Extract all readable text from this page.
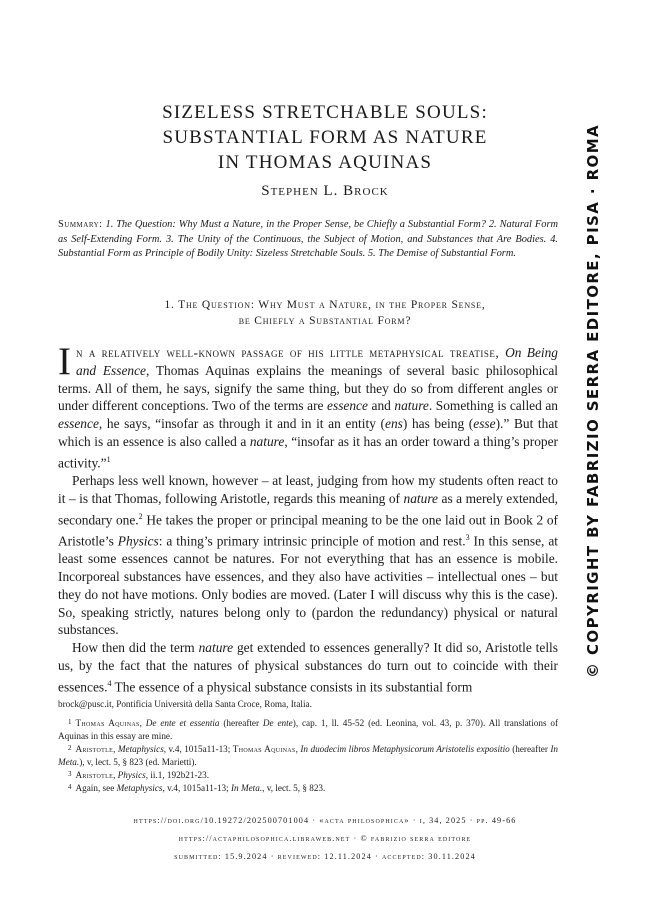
SIZELESS STRETCHABLE SOULS:
SUBSTANTIAL FORM AS NATURE
IN THOMAS AQUINAS
Stephen L. Brock
Summary: 1. The Question: Why Must a Nature, in the Proper Sense, be Chiefly a Substantial Form? 2. Natural Form as Self-Extending Form. 3. The Unity of the Continuous, the Subject of Motion, and Substances that Are Bodies. 4. Substantial Form as Principle of Bodily Unity: Sizeless Stretchable Souls. 5. The Demise of Substantial Form.
1. The Question: Why Must a Nature, in the Proper Sense,
be Chiefly a Substantial Form?

In a relatively well-known passage of his little metaphysical treatise, On Being and Essence, Thomas Aquinas explains the meanings of several basic philosophical terms. All of them, he says, signify the same thing, but they do so from different angles or under different conceptions. Two of the terms are essence and nature. Something is called an essence, he says, “insofar as through it and in it an entity (ens) has being (esse).” But that which is an essence is also called a nature, “insofar as it has an order toward a thing’s proper activity.”$^1$

Perhaps less well known, however – at least, judging from how my students often react to it – is that Thomas, following Aristotle, regards this meaning of nature as a merely extended, secondary one.$^2$ He takes the proper or principal meaning to be the one laid out in Book 2 of Aristotle’s Physics: a thing’s primary intrinsic principle of motion and rest.$^3$ In this sense, at least some essences cannot be natures. For not everything that has an essence is mobile. Incorporeal substances have essences, and they also have activities – intellectual ones – but they do not have motions. Only bodies are moved. (Later I will discuss why this is the case). So, speaking strictly, natures belong only to (pardon the redundancy) physical or natural substances.

How then did the term nature get extended to essences generally? It did so, Aristotle tells us, by the fact that the natures of physical substances do turn out to coincide with their essences.$^4$ The essence of a physical substance consists in its substantial form

brock@pusc.it, Pontificia Università della Santa Croce, Roma, Italia.
$^1$ Thomas Aquinas, De ente et essentia (hereafter De ente), cap. 1, ll. 45-52 (ed. Leonina, vol. 43, p. 370). All translations of Aquinas in this essay are mine.
$^2$ Aristotle, Metaphysics, v.4, 1015a11-13; Thomas Aquinas, In duodecim libros Metaphysicorum Aristotelis expositio (hereafter In Meta.), v, lect. 5, § 823 (ed. Marietti).
$^3$ Aristotle, Physics, ii.1, 192b21-23.
$^4$ Again, see Metaphysics, v.4, 1015a11-13; In Meta., v, lect. 5, § 823.
https://doi.org/10.19272/202500701004 · «acta philosophica» · i, 34, 2025 · pp. 49-66
https://actaphilosophica.libraweb.net · © fabrizio serra editore
submitted: 15.9.2024 · reviewed: 12.11.2024 · accepted: 30.11.2024
© COPYRIGHT BY FABRIZIO SERRA EDITORE, PISA · ROMA
